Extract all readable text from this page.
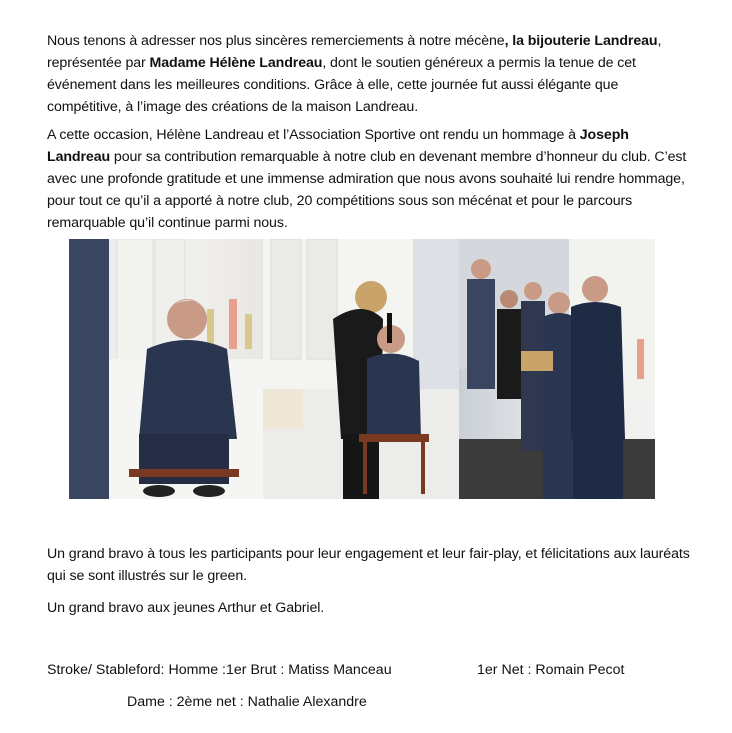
Nous tenons à adresser nos plus sincères remerciements à notre mécène, la bijouterie Landreau, représentée par Madame Hélène Landreau, dont le soutien généreux a permis la tenue de cet événement dans les meilleures conditions. Grâce à elle, cette journée fut aussi élégante que compétitive, à l’image des créations de la maison Landreau.

A cette occasion, Hélène Landreau et l’Association Sportive ont rendu un hommage à Joseph Landreau pour sa contribution remarquable à notre club en devenant membre d’honneur du club. C’est avec une profonde gratitude et une immense admiration que nous avons souhaité lui rendre hommage, pour tout ce qu’il a apporté à notre club, 20 compétitions sous son mécénat et pour le parcours remarquable qu’il continue parmi nous.

Un grand bravo à tous les participants pour leur engagement et leur fair-play, et félicitations aux lauréats qui se sont illustrés sur le green.

Un grand bravo aux jeunes Arthur et Gabriel.

Stroke/ Stableford: Homme :1er Brut : Matiss Manceau	1er Net : Romain Pecot

Dame : 2ème net : Nathalie Alexandre
